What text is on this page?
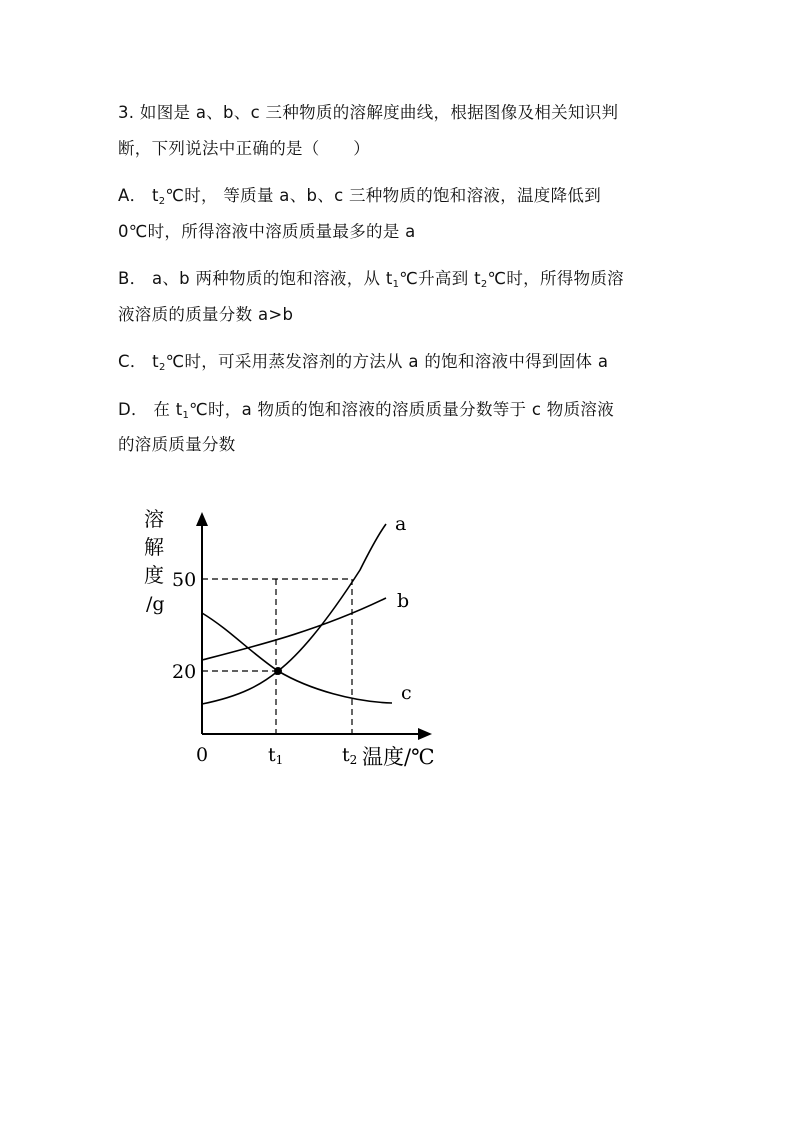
3. 如图是 a、b、c 三种物质的溶解度曲线，根据图像及相关知识判
断，下列说法中正确的是（　　）

A． $t_2℃$时， 等质量 a、b、c 三种物质的饱和溶液，温度降低到
0℃时，所得溶液中溶质质量最多的是 a

B． a、b 两种物质的饱和溶液，从 $t_1℃$升高到 $t_2℃$时，所得物质溶
液溶质的质量分数 a>b

C． $t_2℃$时，可采用蒸发溶剂的方法从 a 的饱和溶液中得到固体 a

D． 在 $t_1℃$时，a 物质的饱和溶液的溶质质量分数等于 c 物质溶液
的溶质质量分数

溶
解
度
/g
50
20
0	t1	t2 温度/℃
a
b
c
